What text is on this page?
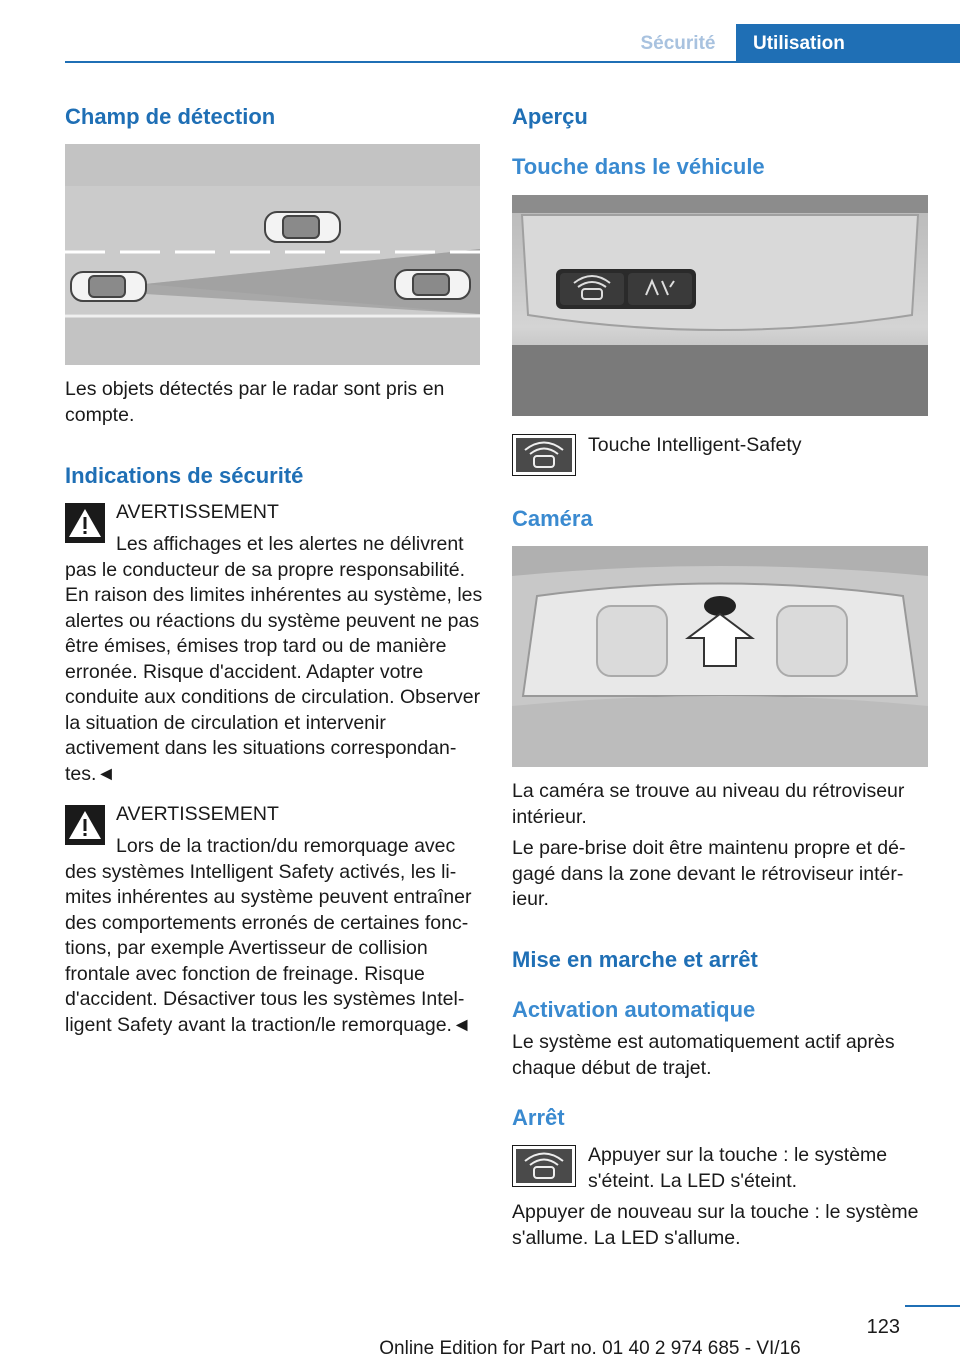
Sécurité	Utilisation
Champ de détection

Les objets détectés par le radar sont pris en compte.

Indications de sécurité

AVERTISSEMENT

Les affichages et les alertes ne délivrent pas le conducteur de sa propre responsabilité. En raison des limites inhérentes au système, les alertes ou réactions du système peuvent ne pas être émises, émises trop tard ou de manière erronée. Risque d'accident. Adapter votre conduite aux conditions de circulation. Observer la situation de circulation et intervenir activement dans les situations correspondantes.◄

AVERTISSEMENT

Lors de la traction/du remorquage avec des systèmes Intelligent Safety activés, les limites inhérentes au système peuvent entraîner des comportements erronés de certaines fonctions, par exemple Avertisseur de collision frontale avec fonction de freinage. Risque d'accident. Désactiver tous les systèmes Intelligent Safety avant la traction/le remorquage.◄

Aperçu
Touche dans le véhicule

Touche Intelligent-Safety

Caméra

La caméra se trouve au niveau du rétroviseur intérieur.

Le pare-brise doit être maintenu propre et dégagé dans la zone devant le rétroviseur intérieur.

Mise en marche et arrêt
Activation automatique

Le système est automatiquement actif après chaque début de trajet.

Arrêt

Appuyer sur la touche : le système s'éteint. La LED s'éteint.

Appuyer de nouveau sur la touche : le système s'allume. La LED s'allume.

123
Online Edition for Part no. 01 40 2 974 685 - VI/16
